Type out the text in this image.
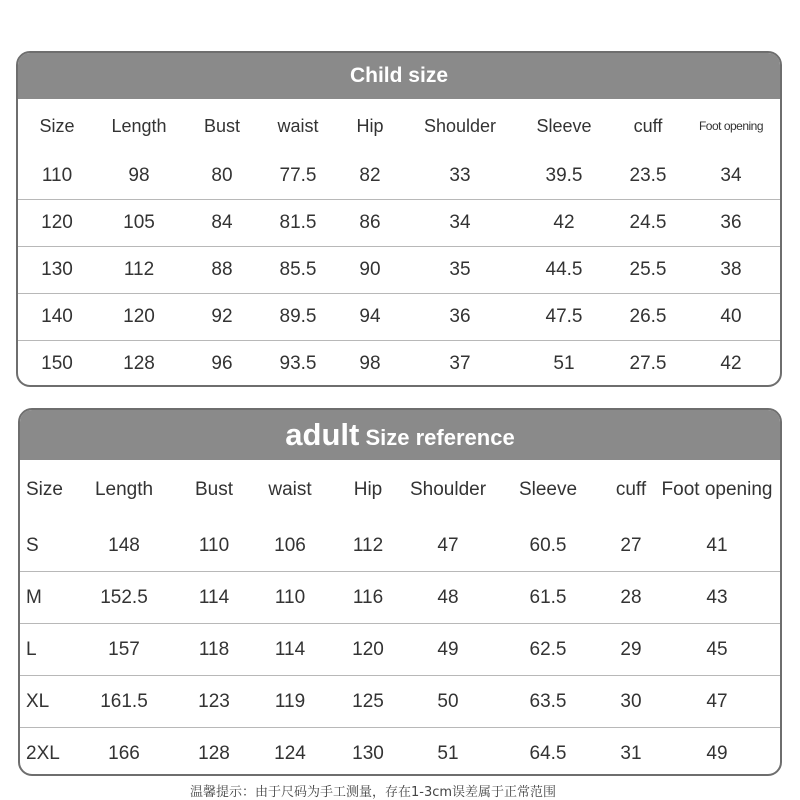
Child size
Size	Length	Bust	waist	Hip	Shoulder	Sleeve	cuff	Foot opening
110	98	80	77.5	82	33	39.5	23.5	34
120	105	84	81.5	86	34	42	24.5	36
130	112	88	85.5	90	35	44.5	25.5	38
140	120	92	89.5	94	36	47.5	26.5	40
150	128	96	93.5	98	37	51	27.5	42
adult Size reference
Size	Length	Bust	waist	Hip	Shoulder	Sleeve	cuff	Foot opening
S	148	110	106	112	47	60.5	27	41
M	152.5	114	110	116	48	61.5	28	43
L	157	118	114	120	49	62.5	29	45
XL	161.5	123	119	125	50	63.5	30	47
2XL	166	128	124	130	51	64.5	31	49
温馨提示：由于尺码为手工测量，存在1-3cm误差属于正常范围
